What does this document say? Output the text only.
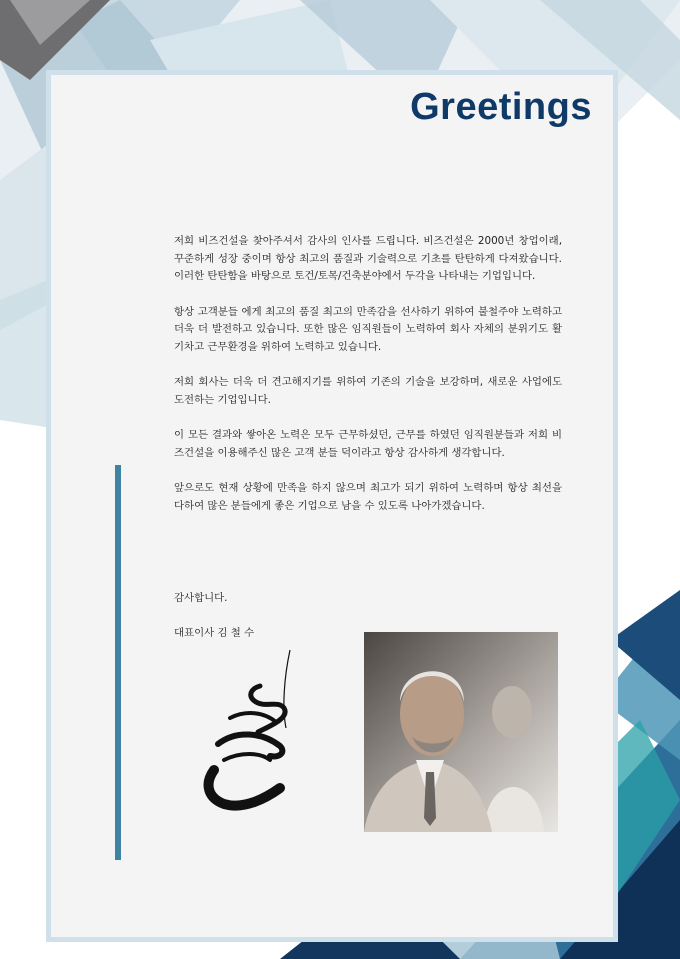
Greetings

저희 비즈건설을 찾아주셔서 감사의 인사를 드립니다. 비즈건설은 2000년 창업이래, 꾸준하게 성장 중이며 항상 최고의 품질과 기술력으로 기초를 탄탄하게 다져왔습니다. 이러한 탄탄함을 바탕으로 토건/토목/건축분야에서 두각을 나타내는 기업입니다.

항상 고객분들 에게 최고의 품질 최고의 만족감을 선사하기 위하여 불철주야 노력하고 더욱 더 발전하고 있습니다. 또한 많은 임직원들이 노력하여 회사 자체의 분위기도 활기차고 근무환경을 위하여 노력하고 있습니다.

저희 회사는 더욱 더 견고해지기를 위하여 기존의 기술을 보강하며, 새로운 사업에도 도전하는 기업입니다.

이 모든 결과와 쌓아온 노력은 모두 근무하셨던, 근무를 하였던 임직원분들과 저희 비즈건설을 이용해주신 많은 고객 분들 덕이라고 항상 감사하게 생각합니다.

앞으로도 현재 상황에 만족을 하지 않으며 최고가 되기 위하여 노력하며 항상 최선을 다하여 많은 분들에게 좋은 기업으로 남을 수 있도록 나아가겠습니다.

감사합니다.
대표이사 김 철 수
